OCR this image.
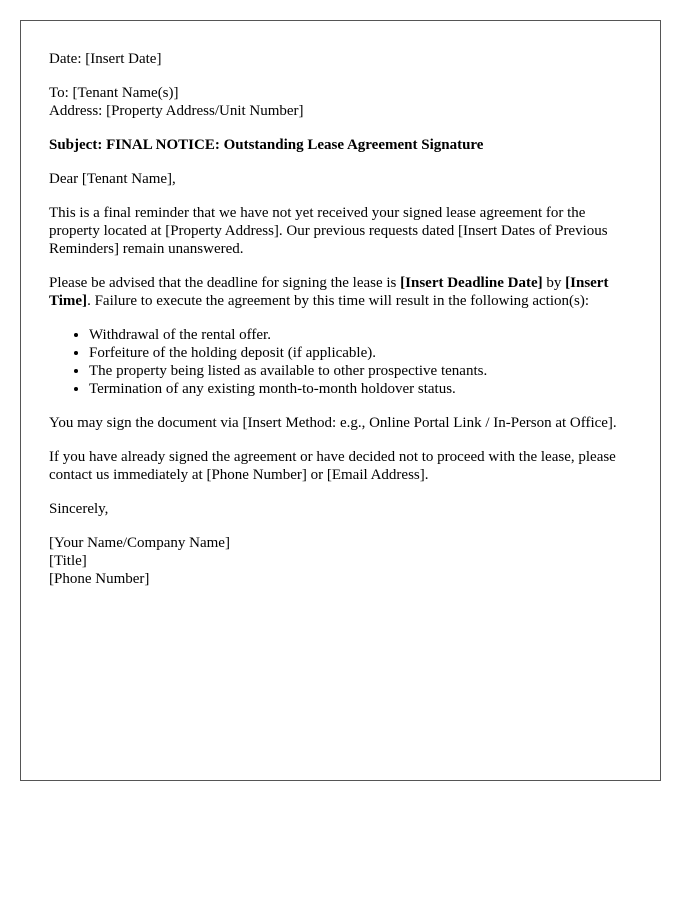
Date: [Insert Date]

To: [Tenant Name(s)]
Address: [Property Address/Unit Number]

Subject: FINAL NOTICE: Outstanding Lease Agreement Signature

Dear [Tenant Name],

This is a final reminder that we have not yet received your signed lease agreement for the property located at [Property Address]. Our previous requests dated [Insert Dates of Previous Reminders] remain unanswered.

Please be advised that the deadline for signing the lease is [Insert Deadline Date] by [Insert Time]. Failure to execute the agreement by this time will result in the following action(s):

• Withdrawal of the rental offer.
• Forfeiture of the holding deposit (if applicable).
• The property being listed as available to other prospective tenants.
• Termination of any existing month-to-month holdover status.

You may sign the document via [Insert Method: e.g., Online Portal Link / In-Person at Office].

If you have already signed the agreement or have decided not to proceed with the lease, please contact us immediately at [Phone Number] or [Email Address].

Sincerely,

[Your Name/Company Name]
[Title]
[Phone Number]
